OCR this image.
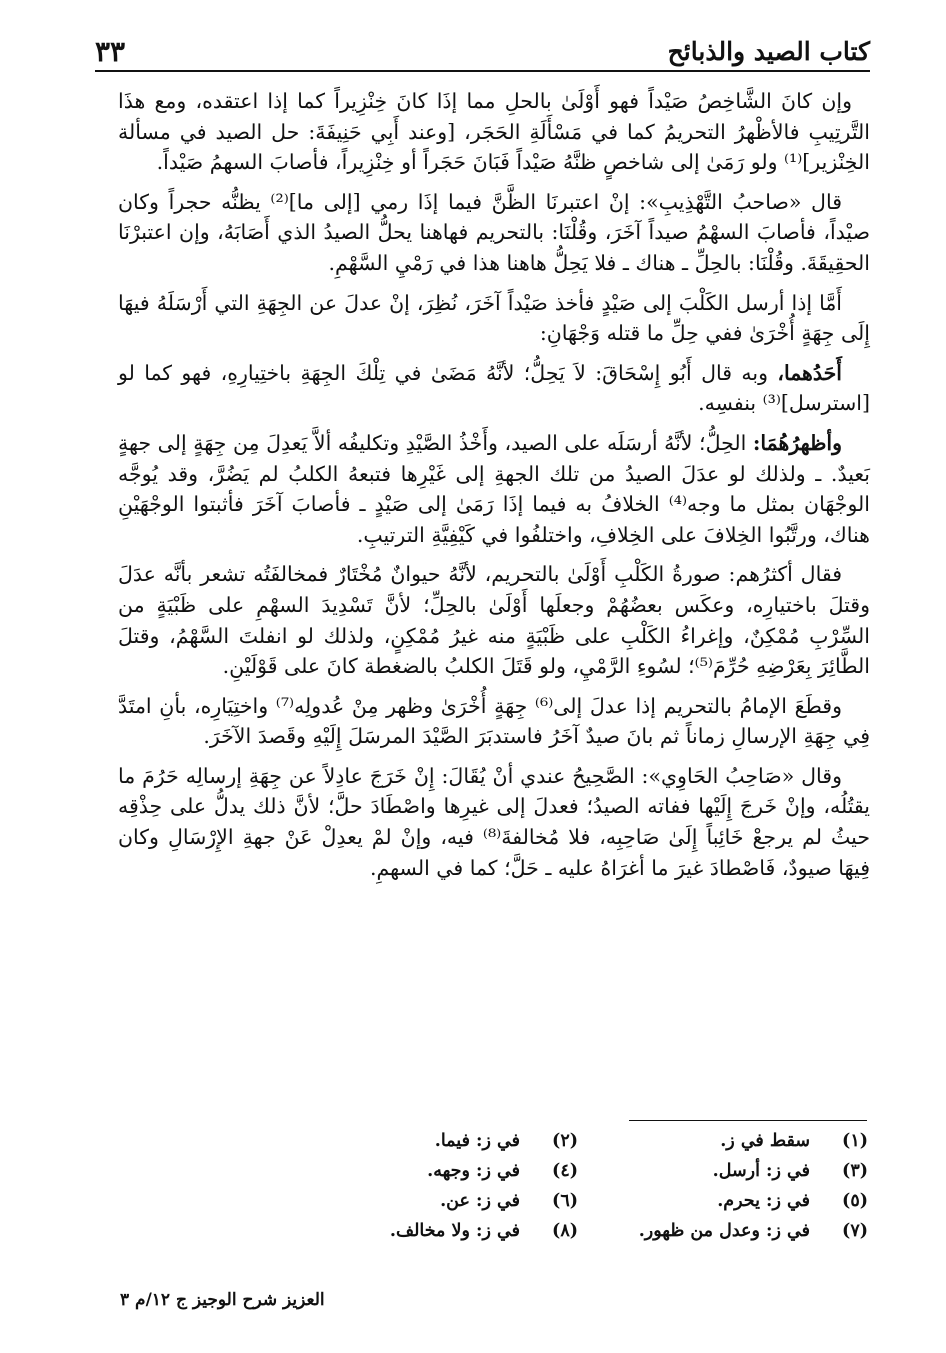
كتاب الصيد والذبائح
٣٣

وإن كانَ الشَّاخِصُ صَيْداً فهو أَوْلَىٰ بالحلِ مما إذَا كانَ خِنْزِيراً كما إذا اعتقده، ومع هذَا التَّرتِيبِ فالأظْهرُ التحريمُ كما في مَسْأَلَةِ الحَجَر، [وعند أَبِي حَنِيفَةَ: حل الصيد في مسألة الخِنْزير]⁽¹⁾ ولو رَمَىٰ إلى شاخصٍ ظنَّهُ صَيْداً فَبَانَ حَجَراً أو خِنْزِيراً، فأصابَ السهمُ صَيْداً.

قال «صاحبُ التَّهْذِيبِ»: إنْ اعتبرنَا الظَّنَّ فيما إذَا رمي [إلى ما]⁽²⁾ يظنُّه حجراً وكان صيْداً، فأصابَ السهْمُ صيداً آخَرَ، وقُلْنَا: بالتحريم فهاهنا يحلُّ الصيدُ الذي أَصَابَهُ، وإن اعتبرْنَا الحقِيقَةَ. وقُلْنَا: بالحِلِّ ـ هناك ـ فلا يَحِلُّ هاهنا هذا في رَمْيِ السَّهْمِ.

أَمَّا إذا أرسل الكَلْبَ إلى صَيْدٍ فأخذ صَيْداً آخَرَ، نُظِرَ، إنْ عدلَ عن الجِهَةِ التي أَرْسَلَهُ فيهَا إِلَى جِهَةٍ أُخْرَىٰ ففي حِلِّ ما قتله وَجْهَانِ:

أَحَدُهما، وبه قال أَبُو إِسْحَاقَ: لاَ يَحِلُّ؛ لأنَّهُ مَضَىٰ في تِلْكَ الجِهَةِ باختِيارِهِ، فهو كما لو [استرسل]⁽³⁾ بنفسِه.

وأظهرُهُمَا: الحِلُّ؛ لأنَّهُ أرسَلَه على الصيد، وأَخْذُ الصَّيْدِ وتكليفُه ألاَّ يَعدِلَ مِن جِهَةٍ إلى جهةٍ بَعيدٌ. ـ ولذلك لو عدَلَ الصيدُ من تلك الجهةِ إلى غَيْرِها فتبعهُ الكلبُ لم يَضُرَّ، وقد يُوجَّه الوجْهَان بمثل ما وجه⁽⁴⁾ الخلافُ به فيما إذَا رَمَىٰ إلى صَيْدٍ ـ فأصابَ آخَرَ فأثبتوا الوجْهَيْنِ هناك، ورتَّبُوا الخِلافَ على الخِلافِ، واختلفُوا في كَيْفِيَّةِ الترتيبِ.

فقال أكثرُهم: صورةُ الكَلْبِ أَوْلَىٰ بالتحريم، لأنَّهُ حيوانٌ مُخْتَارٌ فمخالفَتُه تشعر بأنَّه عدَلَ وقتلَ باختيارِه، وعكَس بعضُهُمْ وجعلَها أَوْلَىٰ بالحِلِّ؛ لأنَّ تَسْدِيدَ السهْمِ على ظَبْيَةٍ من السِّرْبِ مُمْكِنٌ، وإغراءُ الكَلْبِ على ظَبْيَةٍ منه غيرُ مُمْكِنٍ، ولذلك لو انفلتَ السَّهْمُ، وقتلَ الطَّائِرَ بِعَرْضِهِ حُرِّمَ⁽⁵⁾؛ لسُوءِ الرَّمْيِ، ولو قَتَلَ الكلبُ بالضغطة كانَ على قَوْلَيْنِ.

وقطَعَ الإمامُ بالتحريم إذا عدلَ إلى⁽⁶⁾ جِهَةٍ أُخْرَىٰ وظهر مِنْ عُدولِه⁽⁷⁾ واختِيَارِه، بأنِ امتَدَّ فِي جِهَةِ الإرسالِ زماناً ثم بانَ صيدٌ آخَرُ فاستدبَرَ الصَّيْدَ المرسَلَ إِلَيْهِ وقَصدَ الآخَرَ.

وقال «صَاحِبُ الحَاوِي»: الصَّحِيحُ عندي أنْ يُقَالَ: إِنْ خَرَجَ عادِلاً عن جِهَةِ إرسالِه حَرُمَ ما يقتُلُه، وإنْ خَرجَ إِلَيْها ففاته الصيدُ؛ فعدلَ إلى غيرِها واصْطَادَ حلَّ؛ لأنَّ ذلك يدلُّ على حِذْقِه حيثُ لم يرجعْ خَائِباً إِلَىٰ صَاحِبِه، فلا مُخالفةَ⁽⁸⁾ فيه، وإنْ لمْ يعدِلْ عَنْ جهةِ الإِرْسَالِ وكان فِيهَا صيودٌ، فَاصْطادَ غيرَ ما أغرَاهُ عليه ـ حَلَّ؛ كما في السهمِ.

(١)سقط في ز.
(٢)في ز: فيما.
(٣)في ز: أرسل.
(٤)في ز: وجهه.
(٥)في ز: يحرم.
(٦)في ز: عن.
(٧)في ز: وعدل من ظهور.
(٨)في ز: ولا مخالف.
العزيز شرح الوجيز ج ١٢/م ٣
